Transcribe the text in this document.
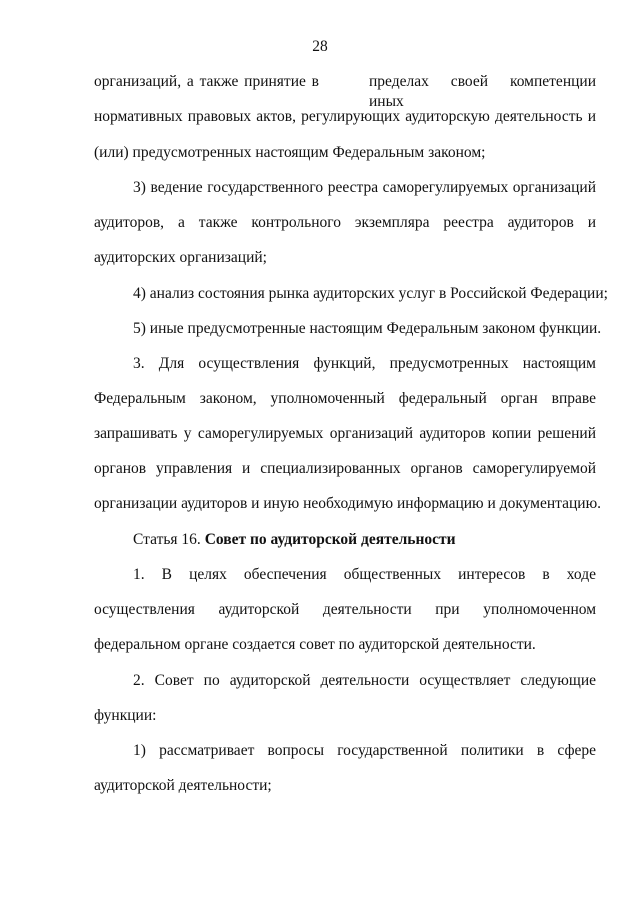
28
организаций, а также принятие в	пределах своей компетенции иных
нормативных правовых актов, регулирующих аудиторскую деятельность и
(или) предусмотренных настоящим Федеральным законом;
3) ведение государственного реестра саморегулируемых организаций
аудиторов, а также контрольного экземпляра реестра аудиторов и
аудиторских организаций;
4) анализ состояния рынка аудиторских услуг в Российской Федерации;
5) иные предусмотренные настоящим Федеральным законом функции.
3. Для осуществления функций, предусмотренных настоящим
Федеральным законом, уполномоченный федеральный орган вправе
запрашивать у саморегулируемых организаций аудиторов копии решений
органов управления и специализированных органов саморегулируемой
организации аудиторов и иную необходимую информацию и документацию.
Статья 16. Совет по аудиторской деятельности
1. В целях обеспечения общественных интересов в ходе
осуществления аудиторской деятельности при уполномоченном
федеральном органе создается совет по аудиторской деятельности.
2. Совет по аудиторской деятельности осуществляет следующие
функции:
1) рассматривает вопросы государственной политики в сфере
аудиторской деятельности;
